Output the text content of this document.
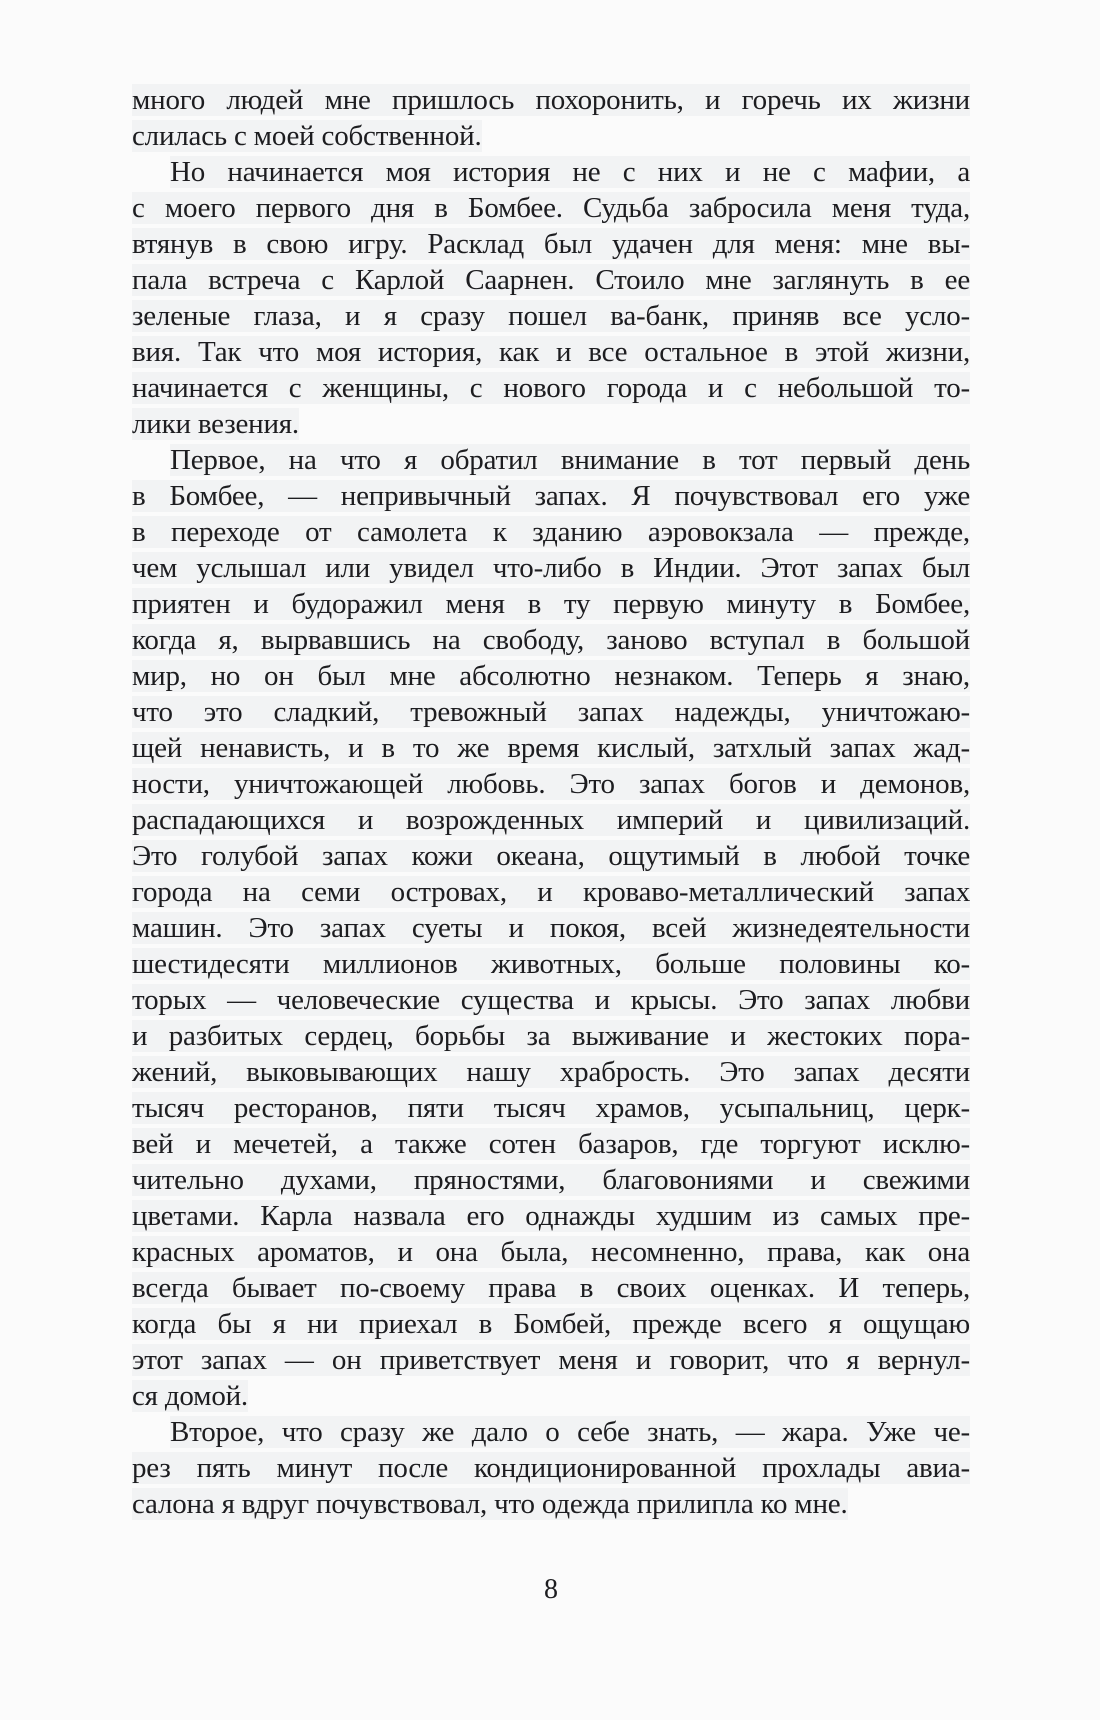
много людей мне пришлось похоронить, и горечь их жизни
слилась с моей собственной.
Но начинается моя история не с них и не с мафии, а
с моего первого дня в Бомбее. Судьба забросила меня туда,
втянув в свою игру. Расклад был удачен для меня: мне вы-
пала встреча с Карлой Саарнен. Стоило мне заглянуть в ее
зеленые глаза, и я сразу пошел ва-банк, приняв все усло-
вия. Так что моя история, как и все остальное в этой жизни,
начинается с женщины, с нового города и с небольшой то-
лики везения.
Первое, на что я обратил внимание в тот первый день
в Бомбее, — непривычный запах. Я почувствовал его уже
в переходе от самолета к зданию аэровокзала — прежде,
чем услышал или увидел что-либо в Индии. Этот запах был
приятен и будоражил меня в ту первую минуту в Бомбее,
когда я, вырвавшись на свободу, заново вступал в большой
мир, но он был мне абсолютно незнаком. Теперь я знаю,
что это сладкий, тревожный запах надежды, уничтожаю-
щей ненависть, и в то же время кислый, затхлый запах жад-
ности, уничтожающей любовь. Это запах богов и демонов,
распадающихся и возрожденных империй и цивилизаций.
Это голубой запах кожи океана, ощутимый в любой точке
города на семи островах, и кроваво-металлический запах
машин. Это запах суеты и покоя, всей жизнедеятельности
шестидесяти миллионов животных, больше половины ко-
торых — человеческие существа и крысы. Это запах любви
и разбитых сердец, борьбы за выживание и жестоких пора-
жений, выковывающих нашу храбрость. Это запах десяти
тысяч ресторанов, пяти тысяч храмов, усыпальниц, церк-
вей и мечетей, а также сотен базаров, где торгуют исклю-
чительно духами, пряностями, благовониями и свежими
цветами. Карла назвала его однажды худшим из самых пре-
красных ароматов, и она была, несомненно, права, как она
всегда бывает по-своему права в своих оценках. И теперь,
когда бы я ни приехал в Бомбей, прежде всего я ощущаю
этот запах — он приветствует меня и говорит, что я вернул-
ся домой.
Второе, что сразу же дало о себе знать, — жара. Уже че-
рез пять минут после кондиционированной прохлады авиа-
салона я вдруг почувствовал, что одежда прилипла ко мне.
8
